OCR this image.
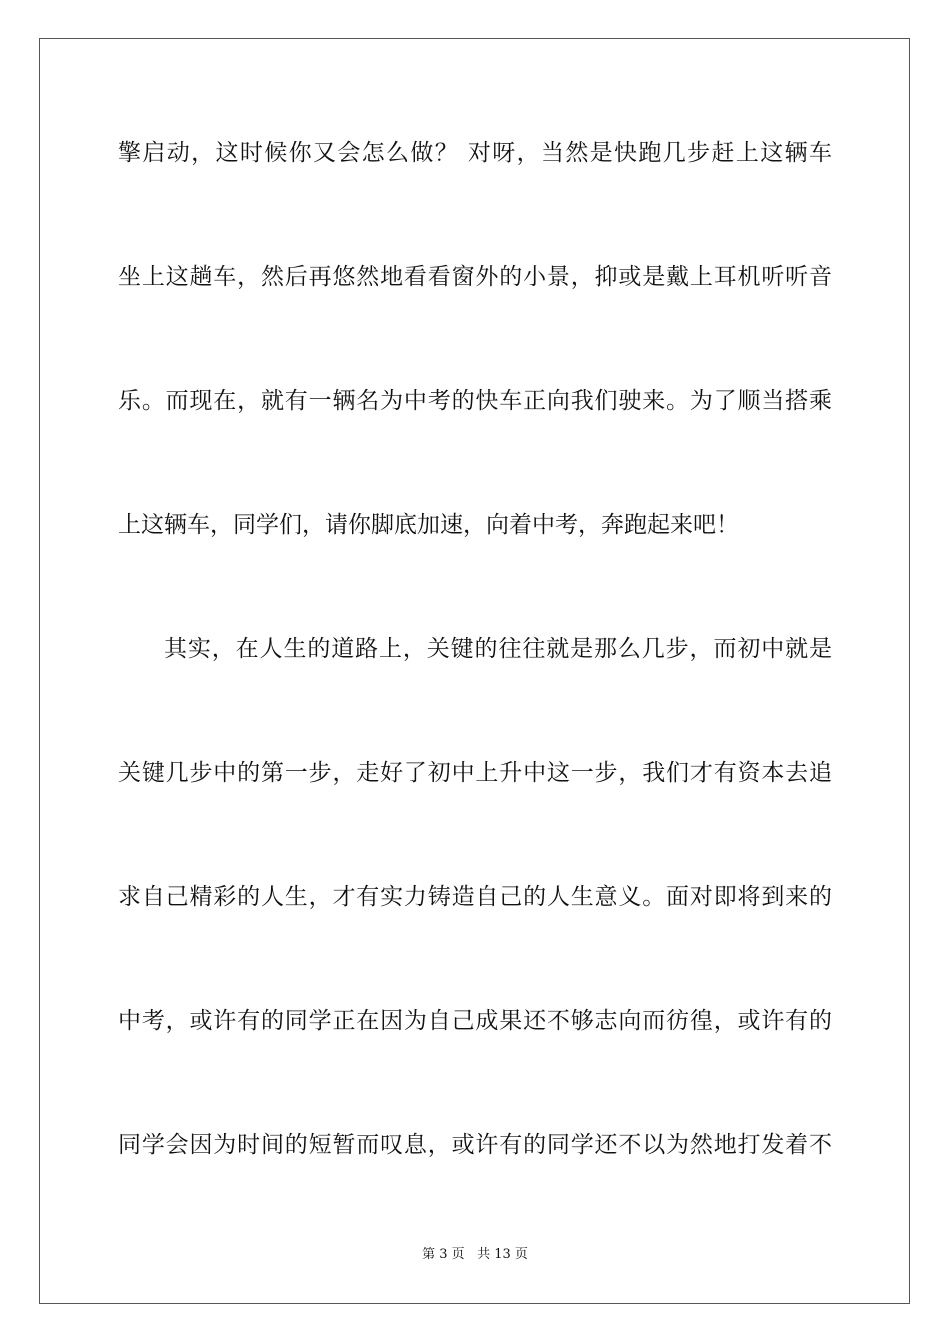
擎启动，这时候你又会怎么做？ 对呀，当然是快跑几步赶上这辆车
坐上这趟车，然后再悠然地看看窗外的小景，抑或是戴上耳机听听音
乐。而现在，就有一辆名为中考的快车正向我们驶来。为了顺当搭乘
上这辆车，同学们，请你脚底加速，向着中考，奔跑起来吧！
其实，在人生的道路上，关键的往往就是那么几步，而初中就是
关键几步中的第一步，走好了初中上升中这一步，我们才有资本去追
求自己精彩的人生，才有实力铸造自己的人生意义。面对即将到来的
中考，或许有的同学正在因为自己成果还不够志向而彷徨，或许有的
同学会因为时间的短暂而叹息，或许有的同学还不以为然地打发着不
第 3 页 共 13 页
